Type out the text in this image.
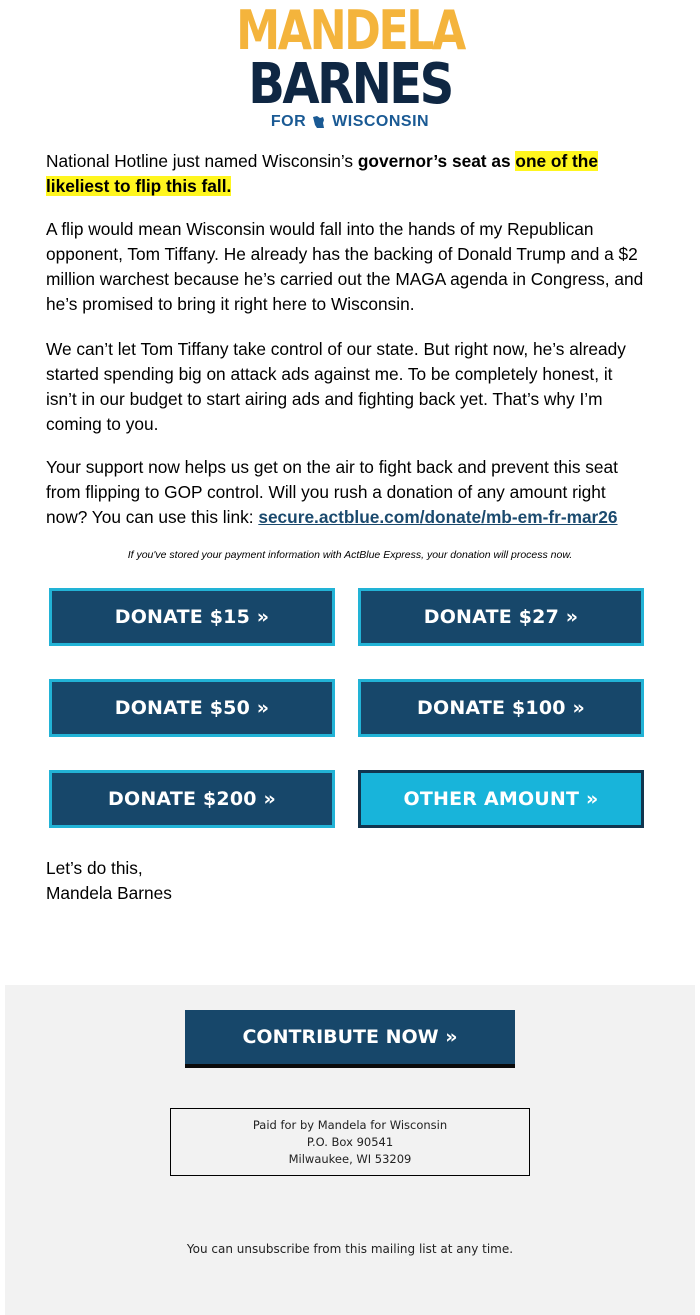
MANDELA
BARNES
FOR WISCONSIN

National Hotline just named Wisconsin’s governor’s seat as one of the likeliest to flip this fall.

A flip would mean Wisconsin would fall into the hands of my Republican opponent, Tom Tiffany. He already has the backing of Donald Trump and a $2 million warchest because he’s carried out the MAGA agenda in Congress, and he’s promised to bring it right here to Wisconsin.

We can’t let Tom Tiffany take control of our state. But right now, he’s already started spending big on attack ads against me. To be completely honest, it isn’t in our budget to start airing ads and fighting back yet. That’s why I’m coming to you.

Your support now helps us get on the air to fight back and prevent this seat from flipping to GOP control. Will you rush a donation of any amount right now? You can use this link: secure.actblue.com/donate/mb-em-fr-mar26

If you've stored your payment information with ActBlue Express, your donation will process now.
DONATE $15 »	DONATE $27 »
DONATE $50 »	DONATE $100 »
DONATE $200 »	OTHER AMOUNT »
Let’s do this,
Mandela Barnes
CONTRIBUTE NOW »
Paid for by Mandela for Wisconsin
P.O. Box 90541
Milwaukee, WI 53209
You can unsubscribe from this mailing list at any time.
